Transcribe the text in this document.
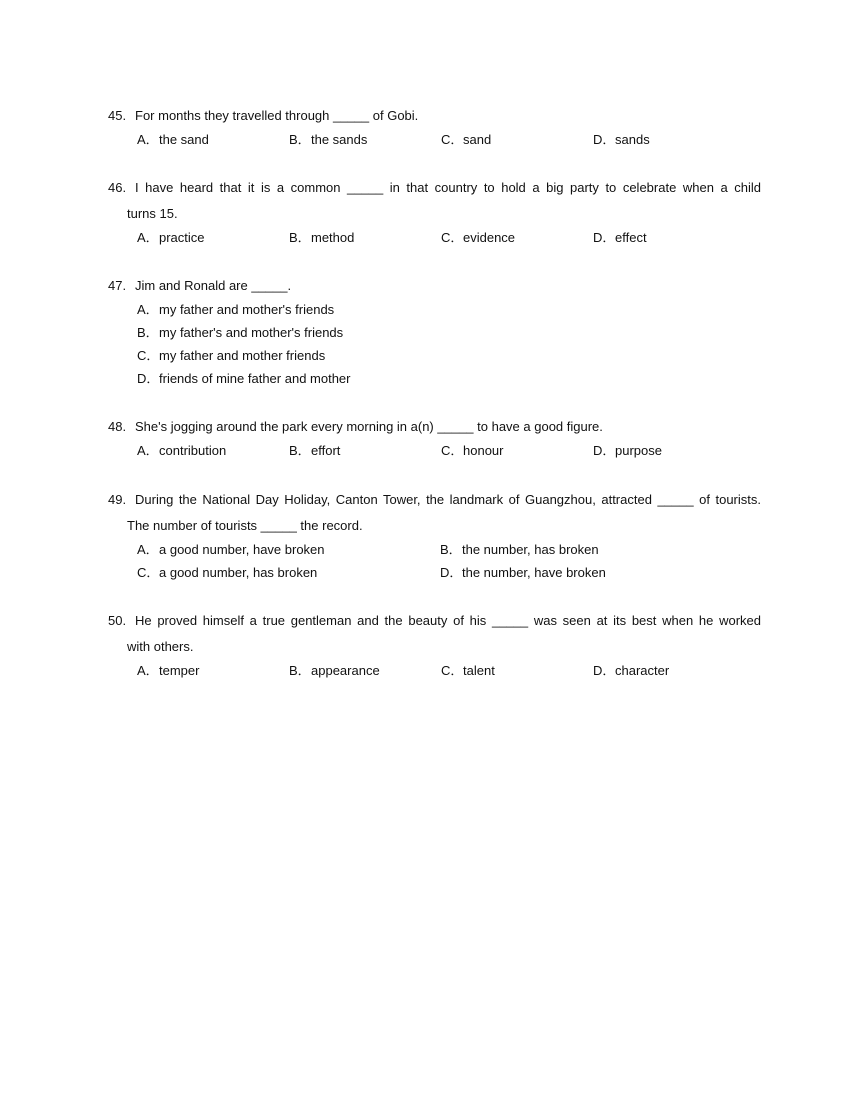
45. For months they travelled through _____ of Gobi.
A．the sand	B．the sands	C．sand	D．sands
46. I have heard that it is a common _____ in that country to hold a big party to celebrate when a child
turns 15.
A．practice	B．method	C．evidence	D．effect
47. Jim and Ronald are _____.
A．my father and mother's friends
B．my father's and mother's friends
C．my father and mother friends
D．friends of mine father and mother
48. She's jogging around the park every morning in a(n) _____ to have a good figure.
A．contribution	B．effort	C．honour	D．purpose
49. During the National Day Holiday, Canton Tower, the landmark of Guangzhou, attracted _____ of tourists.
The number of tourists _____ the record.
A．a good number, have broken	B．the number, has broken
C．a good number, has broken	D．the number, have broken
50. He proved himself a true gentleman and the beauty of his _____ was seen at its best when he worked
with others.
A．temper	B．appearance	C．talent	D．character
